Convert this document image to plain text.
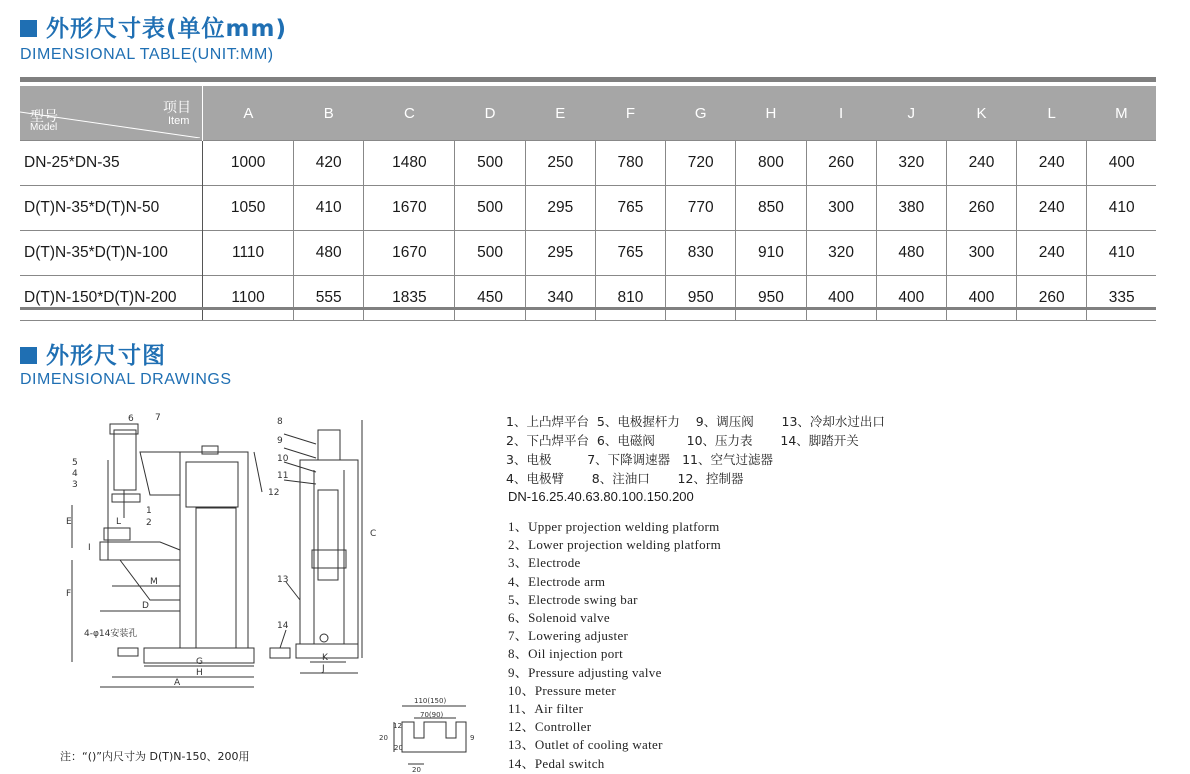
外形尺寸表(单位mm)
DIMENSIONAL TABLE(UNIT:MM)
项目
Item
型号
Model	A	B	C	D	E	F	G	H	I	J	K	L	M
DN-25*DN-35	1000	420	1480	500	250	780	720	800	260	320	240	240	400
D(T)N-35*D(T)N-50	1050	410	1670	500	295	765	770	850	300	380	260	240	410
D(T)N-35*D(T)N-100	1110	480	1670	500	295	765	830	910	320	480	300	240	410
D(T)N-150*D(T)N-200	1100	555	1835	450	340	810	950	950	400	400	400	260	335
外形尺寸图
DIMENSIONAL DRAWINGS
6 7
5
4
3
1
2
12
E	L
F
M
D
G
H
A
I
4-φ14安装孔
8
9
10
11
13
14
C
K
J
110(150)
70(90)
20
12
20
9
20
1、上凸焊平台  5、电极握杆力    9、调压阀       13、冷却水过出口
2、下凸焊平台  6、电磁阀        10、压力表       14、脚踏开关
3、电极         7、下降调速器   11、空气过滤器
4、电极臂       8、注油口       12、控制器
DN-16.25.40.63.80.100.150.200
1、Upper projection welding platform
2、Lower projection welding platform
3、Electrode
4、Electrode arm
5、Electrode swing bar
6、Solenoid valve
7、Lowering adjuster
8、Oil injection port
9、Pressure adjusting valve
10、Pressure meter
11、Air filter
12、Controller
13、Outlet of cooling water
14、Pedal switch
注：“()”内尺寸为 D(T)N-150、200用
